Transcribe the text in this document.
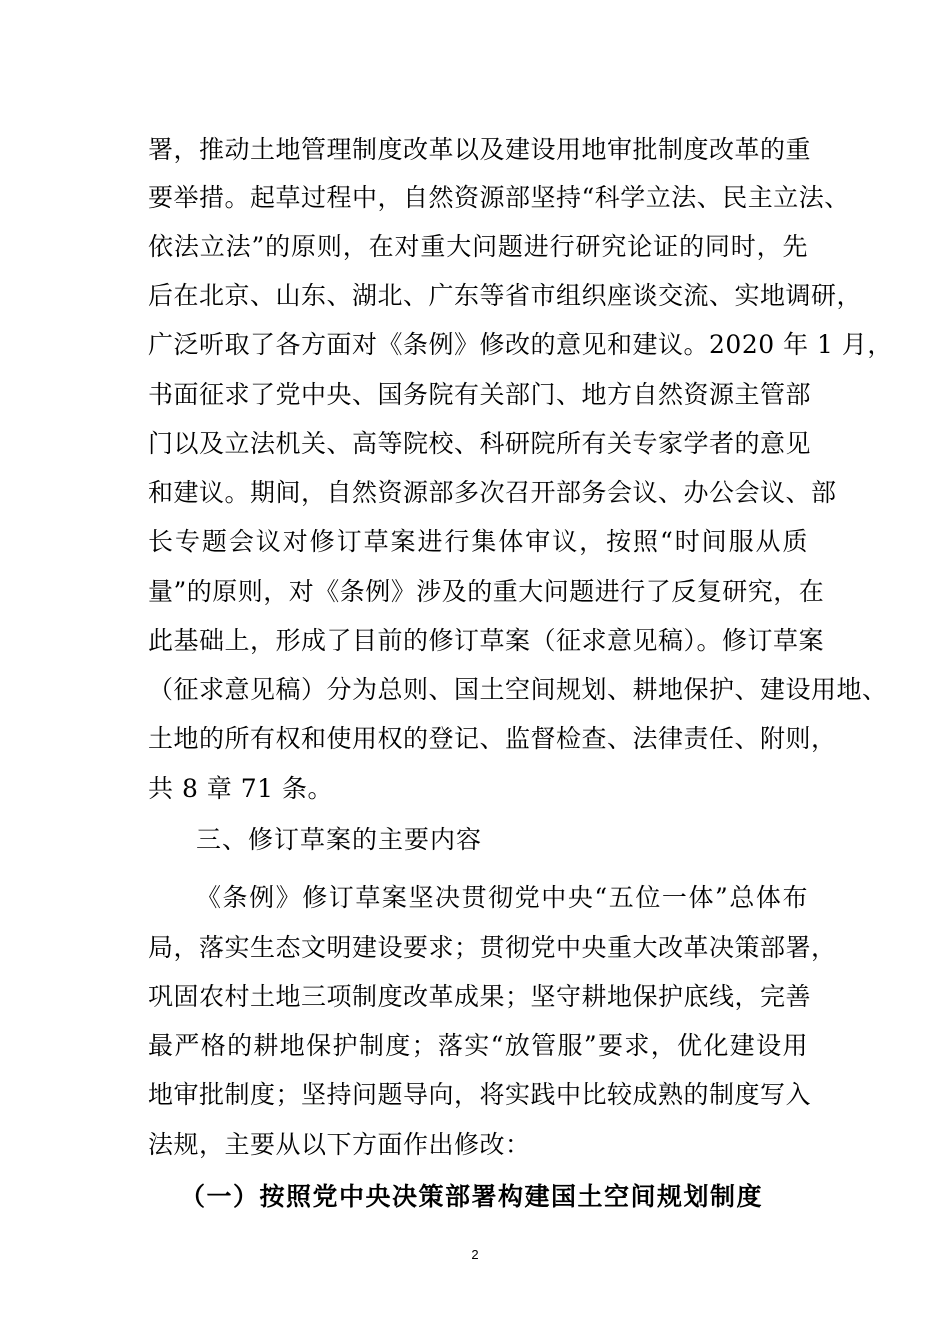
署，推动土地管理制度改革以及建设用地审批制度改革的重
要举措。起草过程中，自然资源部坚持“科学立法、民主立法、
依法立法”的原则，在对重大问题进行研究论证的同时，先
后在北京、山东、湖北、广东等省市组织座谈交流、实地调研，
广泛听取了各方面对《条例》修改的意见和建议。2020 年 1 月，
书面征求了党中央、国务院有关部门、地方自然资源主管部
门以及立法机关、高等院校、科研院所有关专家学者的意见
和建议。期间，自然资源部多次召开部务会议、办公会议、部
长专题会议对修订草案进行集体审议，按照“时间服从质
量”的原则，对《条例》涉及的重大问题进行了反复研究，在
此基础上，形成了目前的修订草案（征求意见稿）。修订草案
（征求意见稿）分为总则、国土空间规划、耕地保护、建设用地、
土地的所有权和使用权的登记、监督检查、法律责任、附则，
共 8 章 71 条。
三、修订草案的主要内容
《条例》修订草案坚决贯彻党中央“五位一体”总体布
局，落实生态文明建设要求；贯彻党中央重大改革决策部署，
巩固农村土地三项制度改革成果；坚守耕地保护底线，完善
最严格的耕地保护制度；落实“放管服”要求，优化建设用
地审批制度；坚持问题导向，将实践中比较成熟的制度写入
法规，主要从以下方面作出修改：
（一）按照党中央决策部署构建国土空间规划制度
2
